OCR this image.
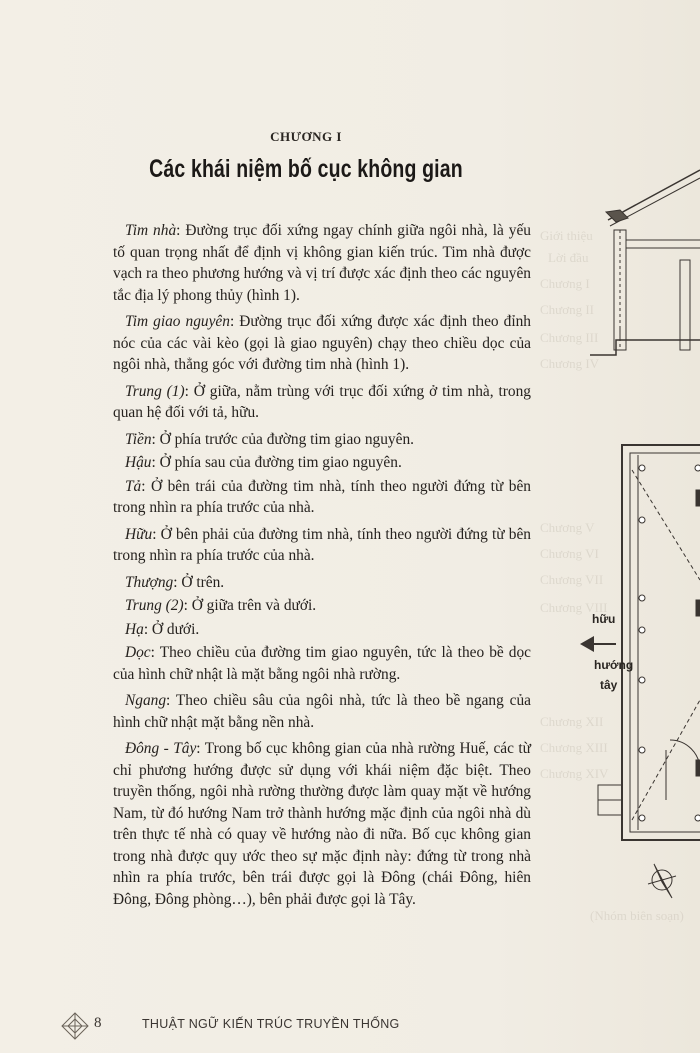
Giới thiệu
Lời đầu
Chương I
Chương II
Chương III
Chương IV
Chương V
Chương VI
Chương VII
Chương VIII
Chương XII
Chương XIII
Chương XIV
(Nhóm biên soạn)
CHƯƠNG I
Các khái niệm bố cục không gian

Tim nhà: Đường trục đối xứng ngay chính giữa ngôi nhà, là yếu tố quan trọng nhất để định vị không gian kiến trúc. Tim nhà được vạch ra theo phương hướng và vị trí được xác định theo các nguyên tắc địa lý phong thủy (hình 1).

Tim giao nguyên: Đường trục đối xứng được xác định theo đỉnh nóc của các vài kèo (gọi là giao nguyên) chạy theo chiều dọc của ngôi nhà, thẳng góc với đường tim nhà (hình 1).

Trung (1): Ở giữa, nằm trùng với trục đối xứng ở tim nhà, trong quan hệ đối với tả, hữu.

Tiền: Ở phía trước của đường tim giao nguyên.

Hậu: Ở phía sau của đường tim giao nguyên.

Tả: Ở bên trái của đường tim nhà, tính theo người đứng từ bên trong nhìn ra phía trước của nhà.

Hữu: Ở bên phải của đường tim nhà, tính theo người đứng từ bên trong nhìn ra phía trước của nhà.

Thượng: Ở trên.

Trung (2): Ở giữa trên và dưới.

Hạ: Ở dưới.

Dọc: Theo chiều của đường tim giao nguyên, tức là theo bề dọc của hình chữ nhật là mặt bằng ngôi nhà rường.

Ngang: Theo chiều sâu của ngôi nhà, tức là theo bề ngang của hình chữ nhật mặt bằng nền nhà.

Đông - Tây: Trong bố cục không gian của nhà rường Huế, các từ chỉ phương hướng được sử dụng với khái niệm đặc biệt. Theo truyền thống, ngôi nhà rường thường được làm quay mặt về hướng Nam, từ đó hướng Nam trở thành hướng mặc định của ngôi nhà dù trên thực tế nhà có quay về hướng nào đi nữa. Bố cục không gian trong nhà được quy ước theo sự mặc định này: đứng từ trong nhà nhìn ra phía trước, bên trái được gọi là Đông (chái Đông, hiên Đông, Đông phòng…), bên phải được gọi là Tây.

hữu
hướng
tây
8	THUẬT NGỮ KIẾN TRÚC TRUYỀN THỐNG
